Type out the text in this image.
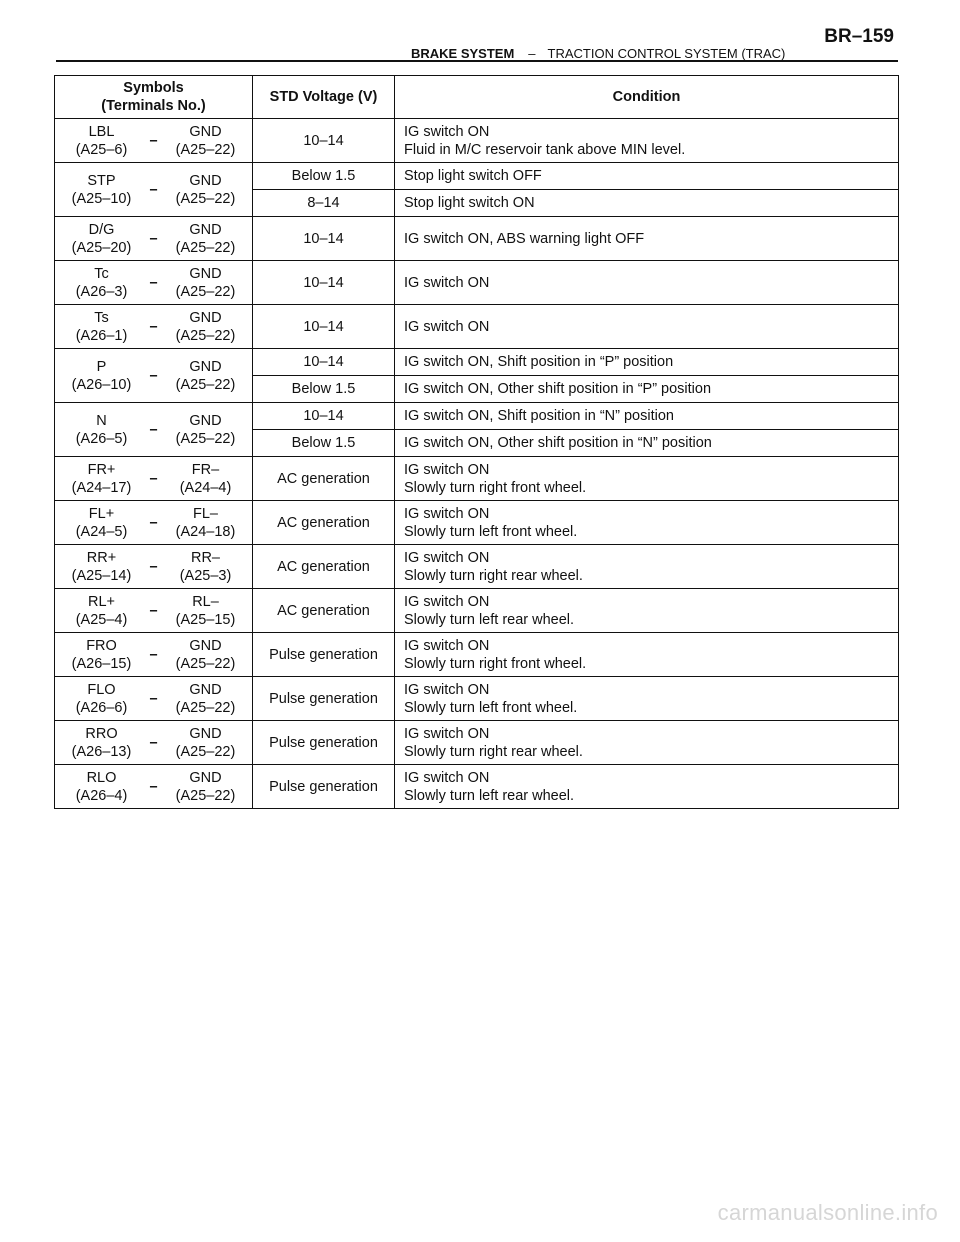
BRAKE SYSTEM – TRACTION CONTROL SYSTEM (TRAC)
BR–159
Symbols
(Terminals No.)	STD Voltage (V)	Condition

LBL
(A25–6)
–
GND
(A25–22)	10–14	IG switch ON
Fluid in M/C reservoir tank above MIN level.

STP
(A25–10)
–
GND
(A25–22)	Below 1.5	Stop light switch OFF

	8–14	Stop light switch ON

D/G
(A25–20)
–
GND
(A25–22)	10–14	IG switch ON, ABS warning light OFF

Tc
(A26–3)
–
GND
(A25–22)	10–14	IG switch ON

Ts
(A26–1)
–
GND
(A25–22)	10–14	IG switch ON

P
(A26–10)
–
GND
(A25–22)	10–14	IG switch ON, Shift position in “P” position

	Below 1.5	IG switch ON, Other shift position in “P” position

N
(A26–5)
–
GND
(A25–22)	10–14	IG switch ON, Shift position in “N” position

	Below 1.5	IG switch ON, Other shift position in “N” position

FR+
(A24–17)
–
FR–
(A24–4)	AC generation	IG switch ON
Slowly turn right front wheel.

FL+
(A24–5)
–
FL–
(A24–18)	AC generation	IG switch ON
Slowly turn left front wheel.

RR+
(A25–14)
–
RR–
(A25–3)	AC generation	IG switch ON
Slowly turn right rear wheel.

RL+
(A25–4)
–
RL–
(A25–15)	AC generation	IG switch ON
Slowly turn left rear wheel.

FRO
(A26–15)
–
GND
(A25–22)	Pulse generation	IG switch ON
Slowly turn right front wheel.

FLO
(A26–6)
–
GND
(A25–22)	Pulse generation	IG switch ON
Slowly turn left front wheel.

RRO
(A26–13)
–
GND
(A25–22)	Pulse generation	IG switch ON
Slowly turn right rear wheel.

RLO
(A26–4)
–
GND
(A25–22)	Pulse generation	IG switch ON
Slowly turn left rear wheel.
carmanualsonline.info
